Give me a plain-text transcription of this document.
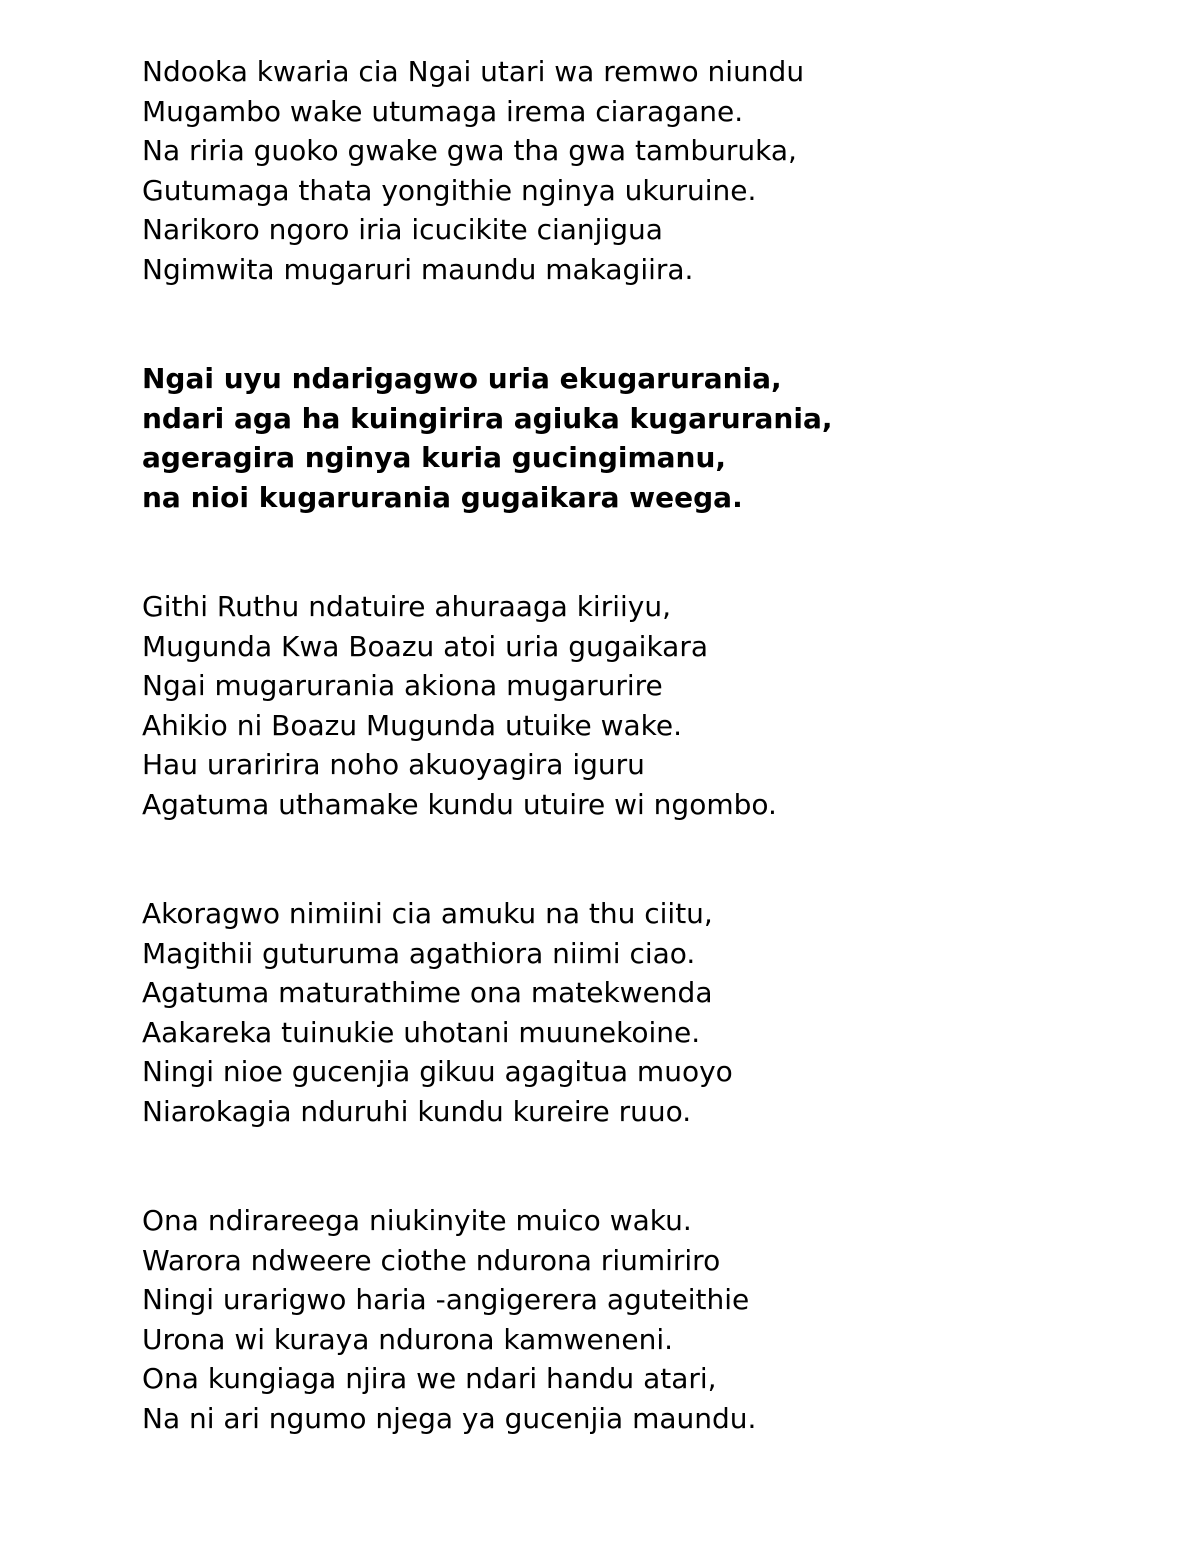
Ndooka kwaria cia Ngai utari wa remwo niundu
Mugambo wake utumaga irema ciaragane.
Na riria guoko gwake gwa tha gwa tamburuka,
Gutumaga thata yongithie nginya ukuruine.
Narikoro ngoro iria icucikite cianjigua
Ngimwita mugaruri maundu makagiira.
Ngai uyu ndarigagwo uria ekugarurania,
ndari aga ha kuingirira agiuka kugarurania,
ageragira nginya kuria gucingimanu,
na nioi kugarurania gugaikara weega.
Githi Ruthu ndatuire ahuraaga kiriiyu,
Mugunda Kwa Boazu atoi uria gugaikara
Ngai mugarurania akiona mugarurire
Ahikio ni Boazu Mugunda utuike wake.
Hau uraririra noho akuoyagira iguru
Agatuma uthamake kundu utuire wi ngombo.
Akoragwo nimiini cia amuku na thu ciitu,
Magithii guturuma agathiora niimi ciao.
Agatuma maturathime ona matekwenda
Aakareka tuinukie uhotani muunekoine.
Ningi nioe gucenjia gikuu agagitua muoyo
Niarokagia nduruhi kundu kureire ruuo.
Ona ndirareega niukinyite muico waku.
Warora ndweere ciothe ndurona riumiriro
Ningi urarigwo haria -angigerera aguteithie
Urona wi kuraya ndurona kamweneni.
Ona kungiaga njira we ndari handu atari,
Na ni ari ngumo njega ya gucenjia maundu.
